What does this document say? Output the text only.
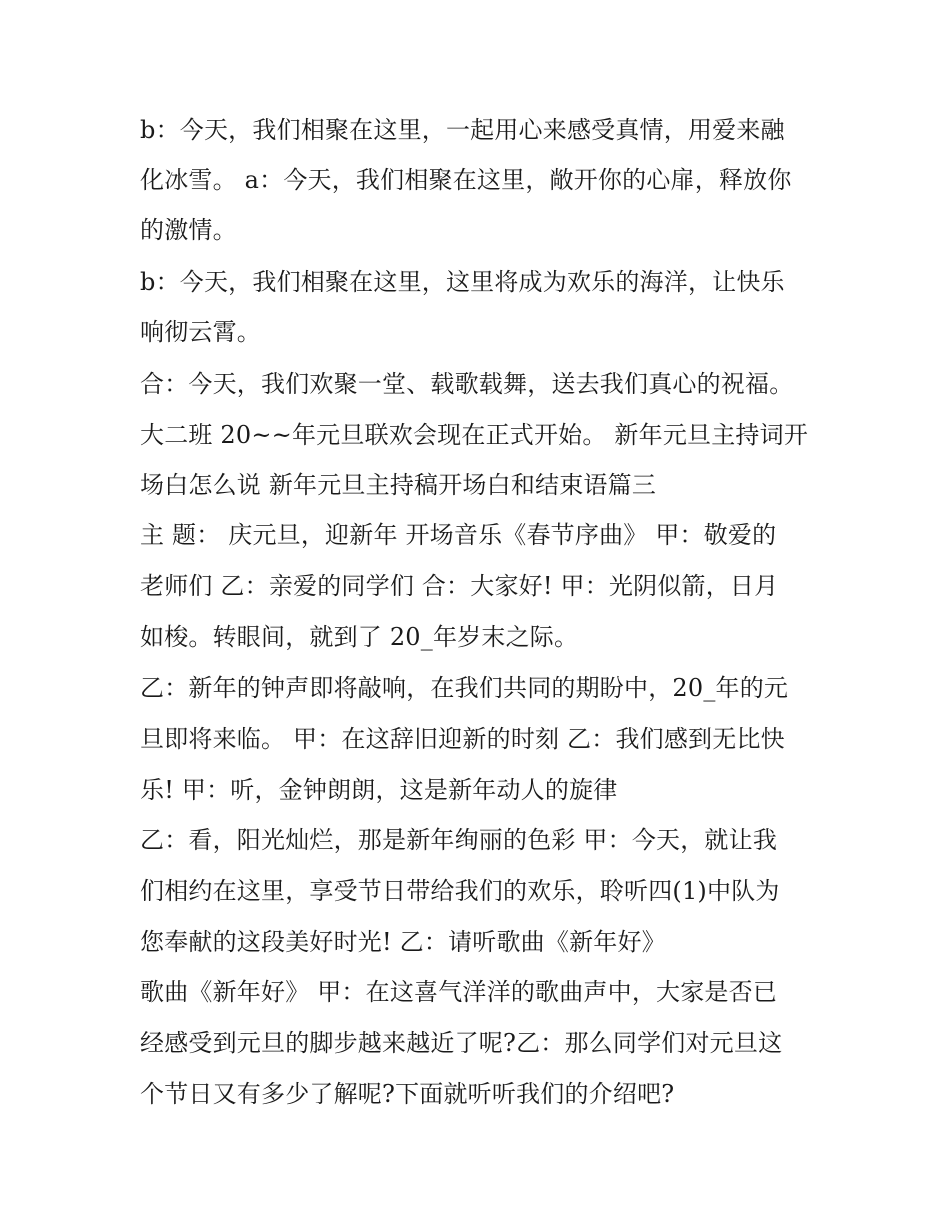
b：今天，我们相聚在这里，一起用心来感受真情，用爱来融
化冰雪。 a：今天，我们相聚在这里，敞开你的心扉，释放你
的激情。
b：今天，我们相聚在这里，这里将成为欢乐的海洋，让快乐
响彻云霄。
合：今天，我们欢聚一堂、载歌载舞，送去我们真心的祝福。
大二班 20~~年元旦联欢会现在正式开始。 新年元旦主持词开
场白怎么说 新年元旦主持稿开场白和结束语篇三
主 题： 庆元旦，迎新年 开场音乐《春节序曲》 甲：敬爱的
老师们 乙：亲爱的同学们 合：大家好! 甲：光阴似箭，日月
如梭。转眼间，就到了 20_年岁末之际。
乙：新年的钟声即将敲响，在我们共同的期盼中，20_年的元
旦即将来临。 甲：在这辞旧迎新的时刻 乙：我们感到无比快
乐! 甲：听，金钟朗朗，这是新年动人的旋律
乙：看，阳光灿烂，那是新年绚丽的色彩 甲：今天，就让我
们相约在这里，享受节日带给我们的欢乐，聆听四(1)中队为
您奉献的这段美好时光! 乙：请听歌曲《新年好》
歌曲《新年好》 甲：在这喜气洋洋的歌曲声中，大家是否已
经感受到元旦的脚步越来越近了呢?乙：那么同学们对元旦这
个节日又有多少了解呢?下面就听听我们的介绍吧?
